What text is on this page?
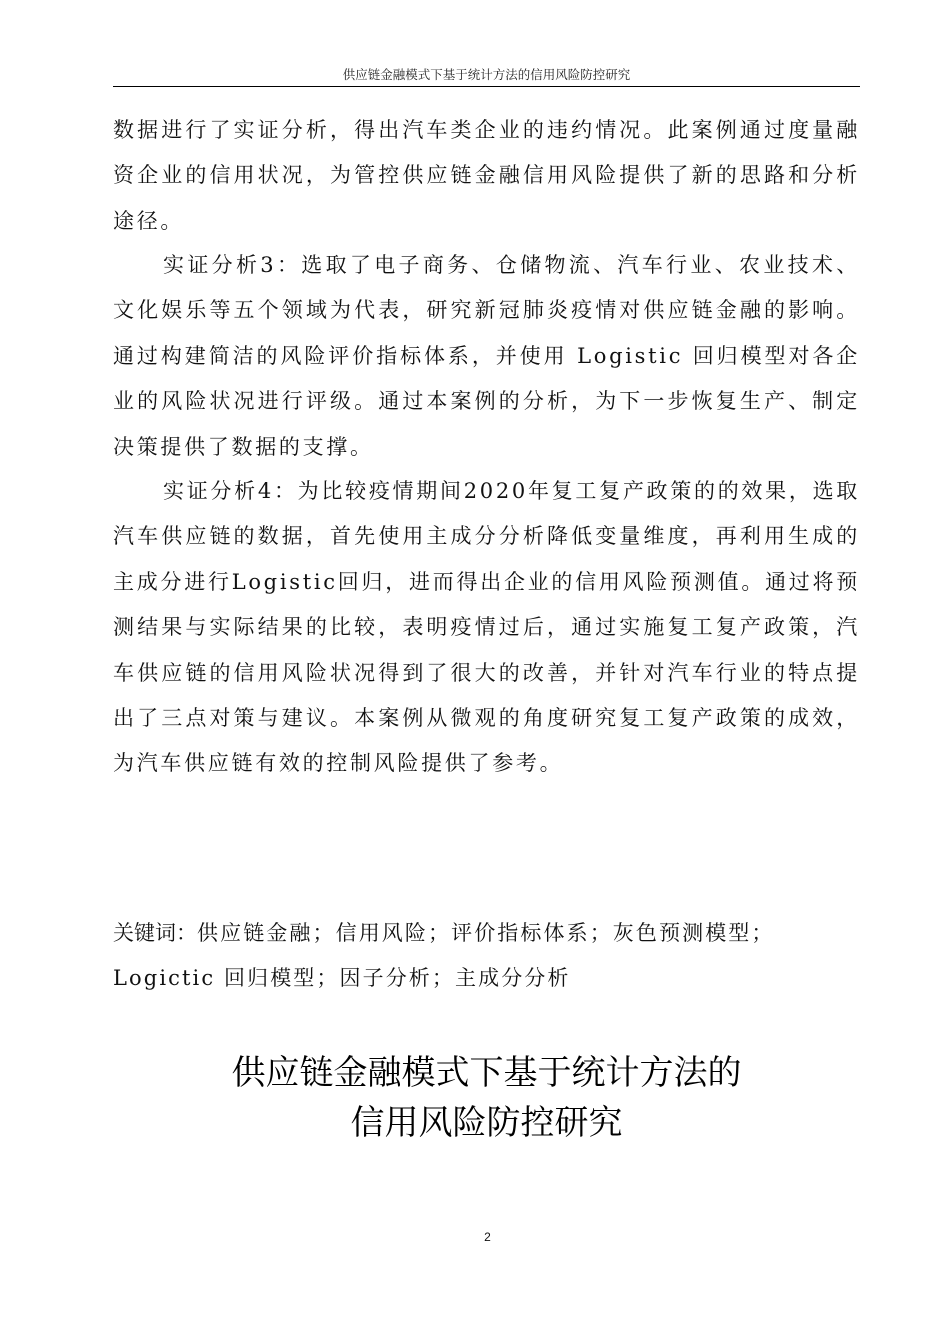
供应链金融模式下基于统计方法的信用风险防控研究

数据进行了实证分析，得出汽车类企业的违约情况。此案例通过度量融资企业的信用状况，为管控供应链金融信用风险提供了新的思路和分析途径。

实证分析3：选取了电子商务、仓储物流、汽车行业、农业技术、文化娱乐等五个领域为代表，研究新冠肺炎疫情对供应链金融的影响。通过构建简洁的风险评价指标体系，并使用 Logistic 回归模型对各企业的风险状况进行评级。通过本案例的分析，为下一步恢复生产、制定决策提供了数据的支撑。

实证分析4：为比较疫情期间2020年复工复产政策的的效果，选取汽车供应链的数据，首先使用主成分分析降低变量维度，再利用生成的主成分进行Logistic回归，进而得出企业的信用风险预测值。通过将预测结果与实际结果的比较，表明疫情过后，通过实施复工复产政策，汽车供应链的信用风险状况得到了很大的改善，并针对汽车行业的特点提出了三点对策与建议。本案例从微观的角度研究复工复产政策的成效，为汽车供应链有效的控制风险提供了参考。

关键词：供应链金融；信用风险；评价指标体系；灰色预测模型；Logictic 回归模型；因子分析；主成分分析
供应链金融模式下基于统计方法的
信用风险防控研究
2
